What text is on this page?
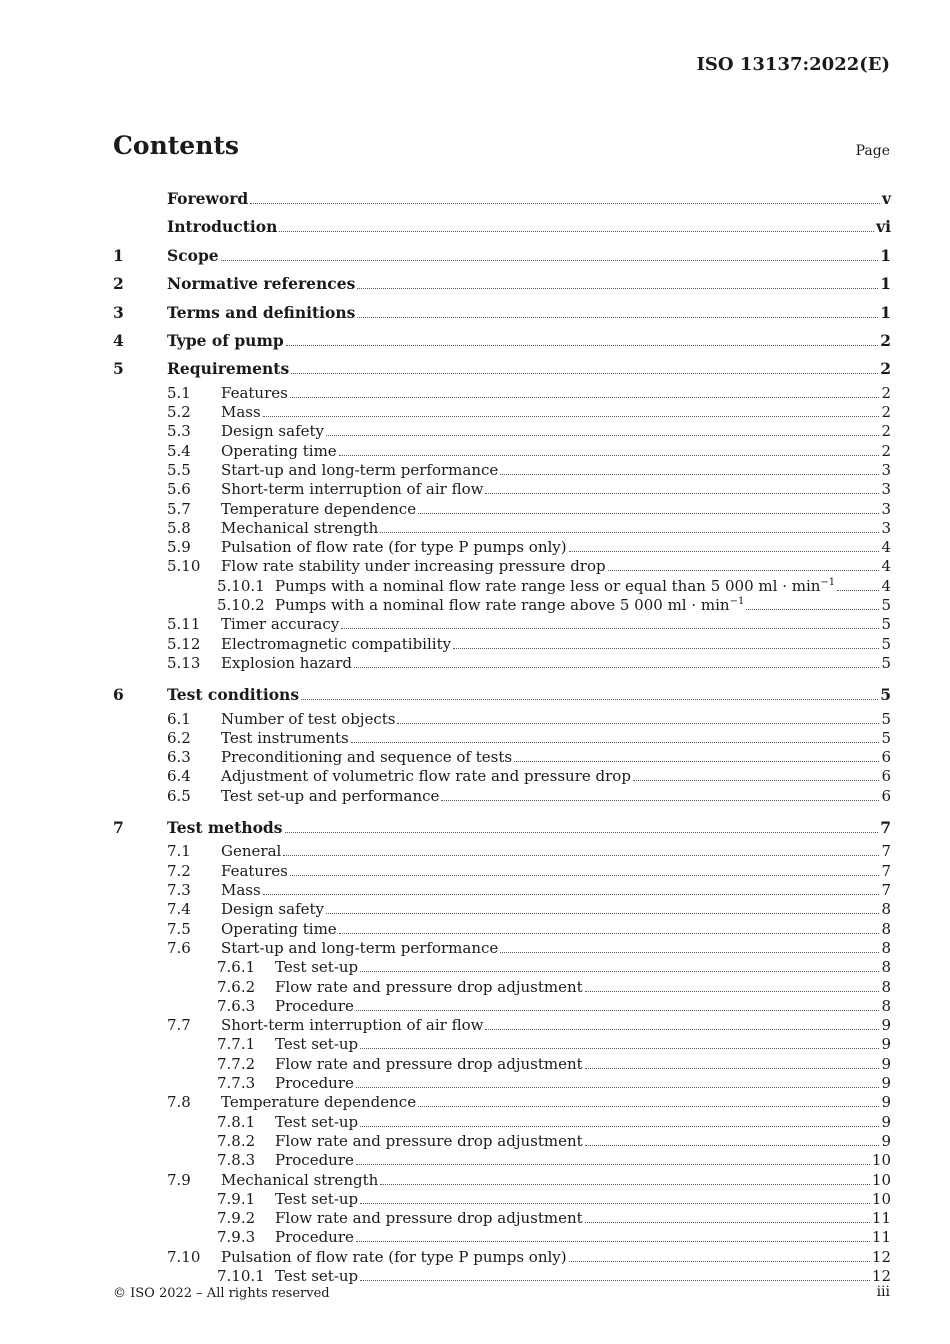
ISO 13137:2022(E)
Contents	Page
Foreword	v
Introduction	vi
1	Scope	1
2	Normative references	1
3	Terms and definitions	1
4	Type of pump	2
5	Requirements	2
5.1	Features	2
5.2	Mass	2
5.3	Design safety	2
5.4	Operating time	2
5.5	Start-up and long-term performance	3
5.6	Short-term interruption of air flow	3
5.7	Temperature dependence	3
5.8	Mechanical strength	3
5.9	Pulsation of flow rate (for type P pumps only)	4
5.10	Flow rate stability under increasing pressure drop	4
5.10.1 Pumps with a nominal flow rate range less or equal than 5 000 ml · $\min^{-1}$	4
5.10.2 Pumps with a nominal flow rate range above 5 000 ml · $\min^{-1}$	5
5.11	Timer accuracy	5
5.12	Electromagnetic compatibility	5
5.13	Explosion hazard	5
6	Test conditions	5
6.1	Number of test objects	5
6.2	Test instruments	5
6.3	Preconditioning and sequence of tests	6
6.4	Adjustment of volumetric flow rate and pressure drop	6
6.5	Test set-up and performance	6
7	Test methods	7
7.1	General	7
7.2	Features	7
7.3	Mass	7
7.4	Design safety	8
7.5	Operating time	8
7.6	Start-up and long-term performance	8
7.6.1	Test set-up	8
7.6.2	Flow rate and pressure drop adjustment	8
7.6.3	Procedure	8
7.7	Short-term interruption of air flow	9
7.7.1	Test set-up	9
7.7.2	Flow rate and pressure drop adjustment	9
7.7.3	Procedure	9
7.8	Temperature dependence	9
7.8.1	Test set-up	9
7.8.2	Flow rate and pressure drop adjustment	9
7.8.3	Procedure	10
7.9	Mechanical strength	10
7.9.1	Test set-up	10
7.9.2	Flow rate and pressure drop adjustment	11
7.9.3	Procedure	11
7.10	Pulsation of flow rate (for type P pumps only)	12
7.10.1 Test set-up	12
© ISO 2022 – All rights reserved	iii
